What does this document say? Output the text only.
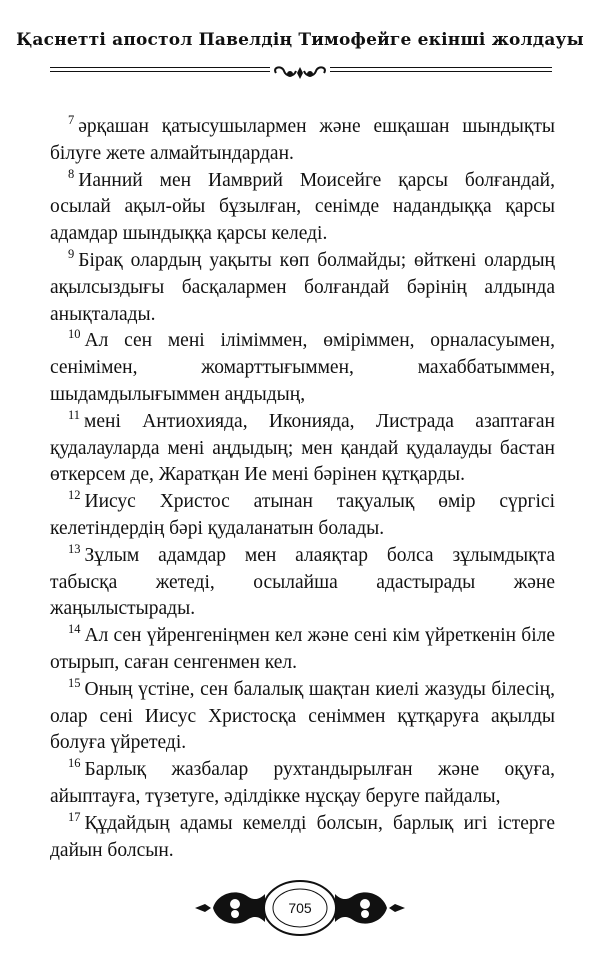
Қаснетті апостол Павелдің Тимофейге екінші жолдауы

$^7$ әрқашан қатысушылармен және ешқашан шындықты білуге жете алмайтындардан.

$^8$ Ианний мен Иамврий Моисейге қарсы болғандай, осылай ақыл-ойы бұзылған, сенімде надандыққа қарсы адамдар шындыққа қарсы келеді.

$^9$ Бірақ олардың уақыты көп болмайды; өйткені олардың ақылсыздығы басқалармен болғандай бәрінің алдында анықталады.

$^{10}$ Ал сен мені іліміммен, өміріммен, орналасуымен, сенімімен, жомарттығыммен, махаббатыммен, шыдамдылығыммен аңдыдың,

$^{11}$ мені Антиохияда, Иконияда, Листрада азаптаған қудалауларда мені аңдыдың; мен қандай қудалауды бастан өткерсем де, Жаратқан Ие мені бәрінен құтқарды.

$^{12}$ Иисус Христос атынан тақуалық өмір сүргісі келетіндердің бәрі қудаланатын болады.

$^{13}$ Зұлым адамдар мен алаяқтар болса зұлымдықта табысқа жетеді, осылайша адастырады және жаңылыстырады.

$^{14}$ Ал сен үйренгеніңмен кел және сені кім үйреткенін біле отырып, саған сенгенмен кел.

$^{15}$ Оның үстіне, сен балалық шақтан киелі жазуды білесің, олар сені Иисус Христосқа сеніммен құтқаруға ақылды болуға үйретеді.

$^{16}$ Барлық жазбалар рухтандырылған және оқуға, айыптауға, түзетуге, әділдікке нұсқау беруге пайдалы,

$^{17}$ Құдайдың адамы кемелді болсын, барлық игі істерге дайын болсын.

705
